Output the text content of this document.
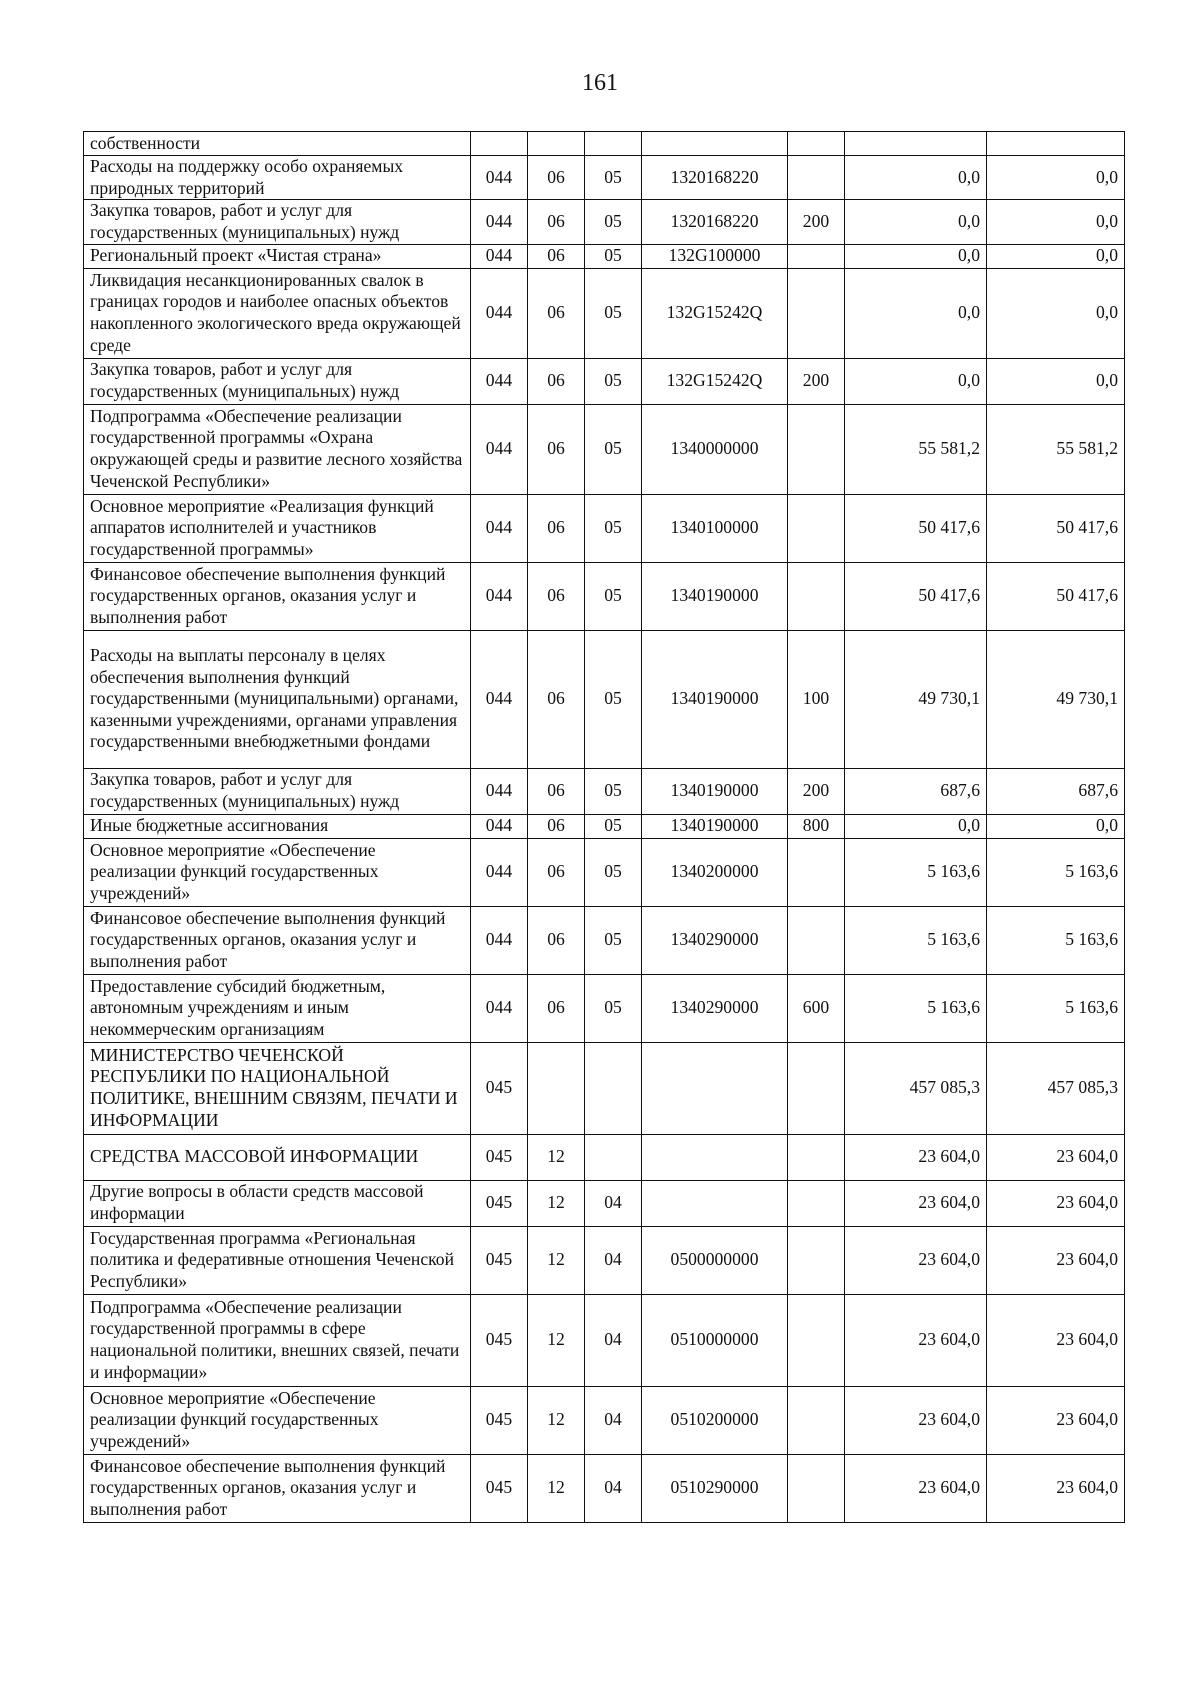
161
собственности							
Расходы на поддержку особо охраняемых природных территорий	044	06	05	1320168220		0,0	0,0
Закупка товаров, работ и услуг для государственных (муниципальных) нужд	044	06	05	1320168220	200	0,0	0,0
Региональный проект «Чистая страна»	044	06	05	132G100000		0,0	0,0
Ликвидация несанкционированных свалок в границах городов и наиболее опасных объектов накопленного экологического вреда окружающей среде	044	06	05	132G15242Q		0,0	0,0
Закупка товаров, работ и услуг для государственных (муниципальных) нужд	044	06	05	132G15242Q	200	0,0	0,0
Подпрограмма «Обеспечение реализации государственной программы «Охрана окружающей среды и развитие лесного хозяйства Чеченской Республики»	044	06	05	1340000000		55 581,2	55 581,2
Основное мероприятие «Реализация функций аппаратов исполнителей и участников государственной программы»	044	06	05	1340100000		50 417,6	50 417,6
Финансовое обеспечение выполнения функций государственных органов, оказания услуг и выполнения работ	044	06	05	1340190000		50 417,6	50 417,6
Расходы на выплаты персоналу в целях обеспечения выполнения функций государственными (муниципальными) органами, казенными учреждениями, органами управления государственными внебюджетными фондами	044	06	05	1340190000	100	49 730,1	49 730,1
Закупка товаров, работ и услуг для государственных (муниципальных) нужд	044	06	05	1340190000	200	687,6	687,6
Иные бюджетные ассигнования	044	06	05	1340190000	800	0,0	0,0
Основное мероприятие «Обеспечение реализации функций государственных учреждений»	044	06	05	1340200000		5 163,6	5 163,6
Финансовое обеспечение выполнения функций государственных органов, оказания услуг и выполнения работ	044	06	05	1340290000		5 163,6	5 163,6
Предоставление субсидий бюджетным, автономным учреждениям и иным некоммерческим организациям	044	06	05	1340290000	600	5 163,6	5 163,6
МИНИСТЕРСТВО ЧЕЧЕНСКОЙ РЕСПУБЛИКИ ПО НАЦИОНАЛЬНОЙ ПОЛИТИКЕ, ВНЕШНИМ СВЯЗЯМ, ПЕЧАТИ И ИНФОРМАЦИИ	045					457 085,3	457 085,3
СРЕДСТВА МАССОВОЙ ИНФОРМАЦИИ	045	12				23 604,0	23 604,0
Другие вопросы в области средств массовой информации	045	12	04			23 604,0	23 604,0
Государственная программа «Региональная политика и федеративные отношения Чеченской Республики»	045	12	04	0500000000		23 604,0	23 604,0
Подпрограмма «Обеспечение реализации государственной программы в сфере национальной политики, внешних связей, печати и информации»	045	12	04	0510000000		23 604,0	23 604,0
Основное мероприятие «Обеспечение реализации функций государственных учреждений»	045	12	04	0510200000		23 604,0	23 604,0
Финансовое обеспечение выполнения функций государственных органов, оказания услуг и выполнения работ	045	12	04	0510290000		23 604,0	23 604,0
